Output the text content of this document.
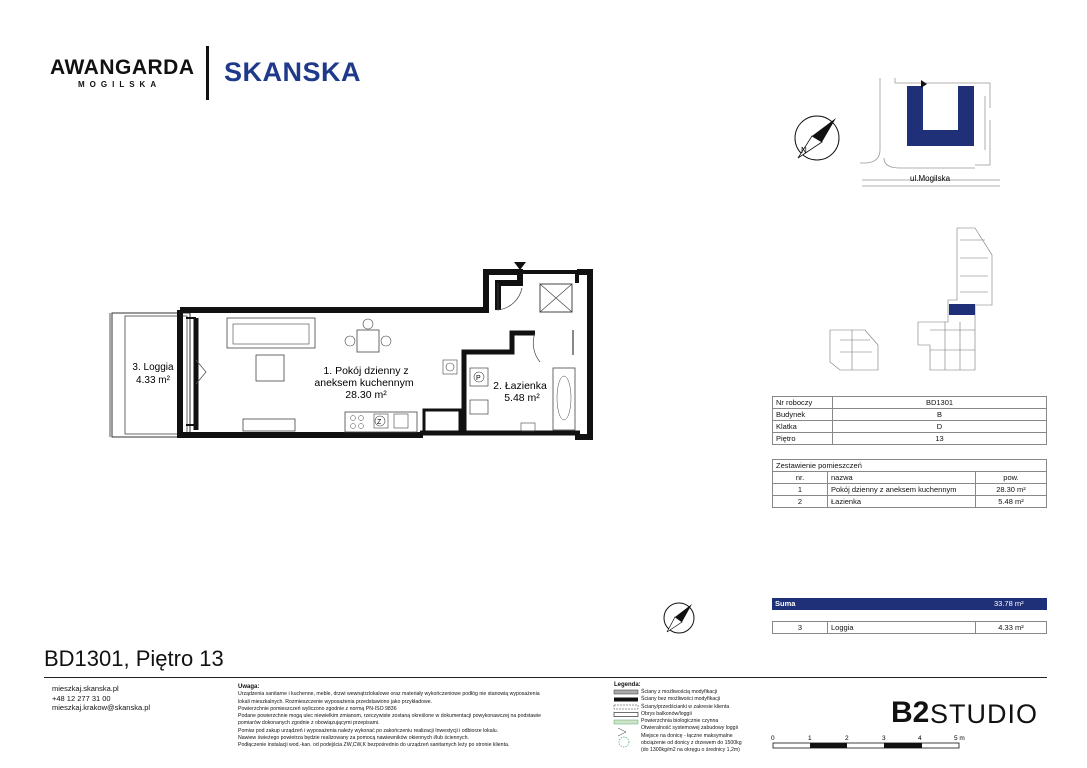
AWANGARDA
MOGILSKA SKANSKA
N
ul.Mogilska
Z
P
3. Loggia
4.33 m²
1. Pokój dzienny z
aneksem kuchennym
28.30 m²
2. Łazienka
5.48 m²
0	1	2	3	4	5 m
Nr roboczy	BD1301
Budynek	B
Klatka	D
Piętro	13
Zestawienie pomieszczeń		
nr.	nazwa	pow.
1	Pokój dzienny z aneksem kuchennym	28.30 m²
2	Łazienka	5.48 m²
Suma	33.78 m²
3	Loggia	4.33 m²
BD1301, Piętro 13
mieszkaj.skanska.pl
+48 12 277 31 00
mieszkaj.krakow@skanska.pl
Uwaga:
Urządzenia sanitarne i kuchenne, meble, drzwi wewnątrzlokalowe oraz materiały wykończeniowe podłóg nie stanowią wyposażenia
lokali mieszkalnych. Rozmieszczenie wyposażenia przedstawiono jako przykładowe.
Powierzchnie pomieszczeń wyliczono zgodnie z normą PN-ISO 9836
Podane powierzchnie mogą ulec niewielkim zmianom, rzeczywiste zostaną określone w dokumentacji powykonawczej na podstawie
pomiarów dokonanych zgodnie z obowiązującymi przepisami.
Pomiar pod zakup urządzeń i wyposażenia należy wykonać po zakończeniu realizacji Inwestycji i odbiorze lokalu.
Nawiew świeżego powietrza będzie realizowany za pomocą nawiewników okiennych i/lub ściennych.
Podłączenie instalacji wod.-kan. od podejścia ZW,CW,K bezpośrednio do urządzeń sanitarnych leży po stronie klienta.
Legenda:
Ściany z możliwością modyfikacji
Ściany bez możliwości modyfikacji
Ściany/przedścianki w zakresie klienta
Obrys balkonów/loggii
Powierzchnia biologicznie czynna
Otwieralność systemowej zabudowy loggii
Miejsce na donicę - łączne maksymalne
obciążenie od donicy z drzewem do 1500kg
(do 1300kg/m2 na okręgu o średnicy 1,2m)
B2 STUDIO
